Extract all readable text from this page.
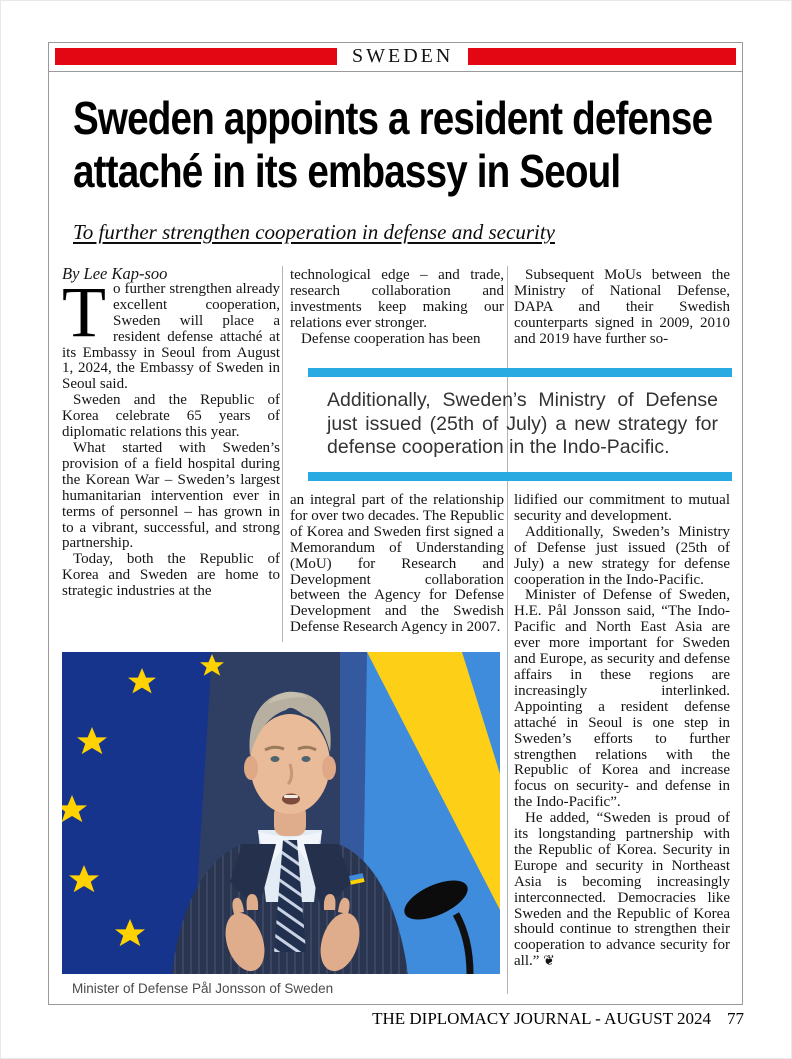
SWEDEN
Sweden appoints a resident defense
attaché in its embassy in Seoul
To further strengthen cooperation in defense and security

By Lee Kap-soo

To further strengthen already excellent cooperation, Sweden will place a resident defense attaché at its Embassy in Seoul from August 1, 2024, the Embassy of Sweden in Seoul said.

Sweden and the Republic of Korea celebrate 65 years of diplomatic relations this year.

What started with Sweden’s provision of a field hospital during the Korean War – Sweden’s largest humanitarian intervention ever in terms of personnel – has grown in to a vibrant, successful, and strong partnership.

Today, both the Republic of Korea and Sweden are home to strategic industries at the

technological edge – and trade, research collaboration and investments keep making our relations ever stronger.

Defense cooperation has been

Additionally, Sweden’s Ministry of Defense just issued (25th of July) a new strategy for defense cooperation in the Indo-Pacific.

an integral part of the relationship for over two decades. The Republic of Korea and Sweden first signed a Memorandum of Understanding (MoU) for Research and Development collaboration between the Agency for Defense Development and the Swedish Defense Research Agency in 2007.

Subsequent MoUs between the Ministry of National Defense, DAPA and their Swedish counterparts signed in 2009, 2010 and 2019 have further so-

lidified our commitment to mutual security and development.

Additionally, Sweden’s Ministry of Defense just issued (25th of July) a new strategy for defense cooperation in the Indo-Pacific.

Minister of Defense of Sweden, H.E. Pål Jonsson said, “The Indo-Pacific and North East Asia are ever more important for Sweden and Europe, as security and defense affairs in these regions are increasingly interlinked. Appointing a resident defense attaché in Seoul is one step in Sweden’s efforts to further strengthen relations with the Republic of Korea and increase focus on security- and defense in the Indo-Pacific”.

He added, “Sweden is proud of its longstanding partnership with the Republic of Korea. Security in Europe and security in Northeast Asia is becoming increasingly interconnected. Democracies like Sweden and the Republic of Korea should continue to strengthen their cooperation to advance security for all.” ❦

Minister of Defense Pål Jonsson of Sweden
THE DIPLOMACY JOURNAL - AUGUST 2024 77
